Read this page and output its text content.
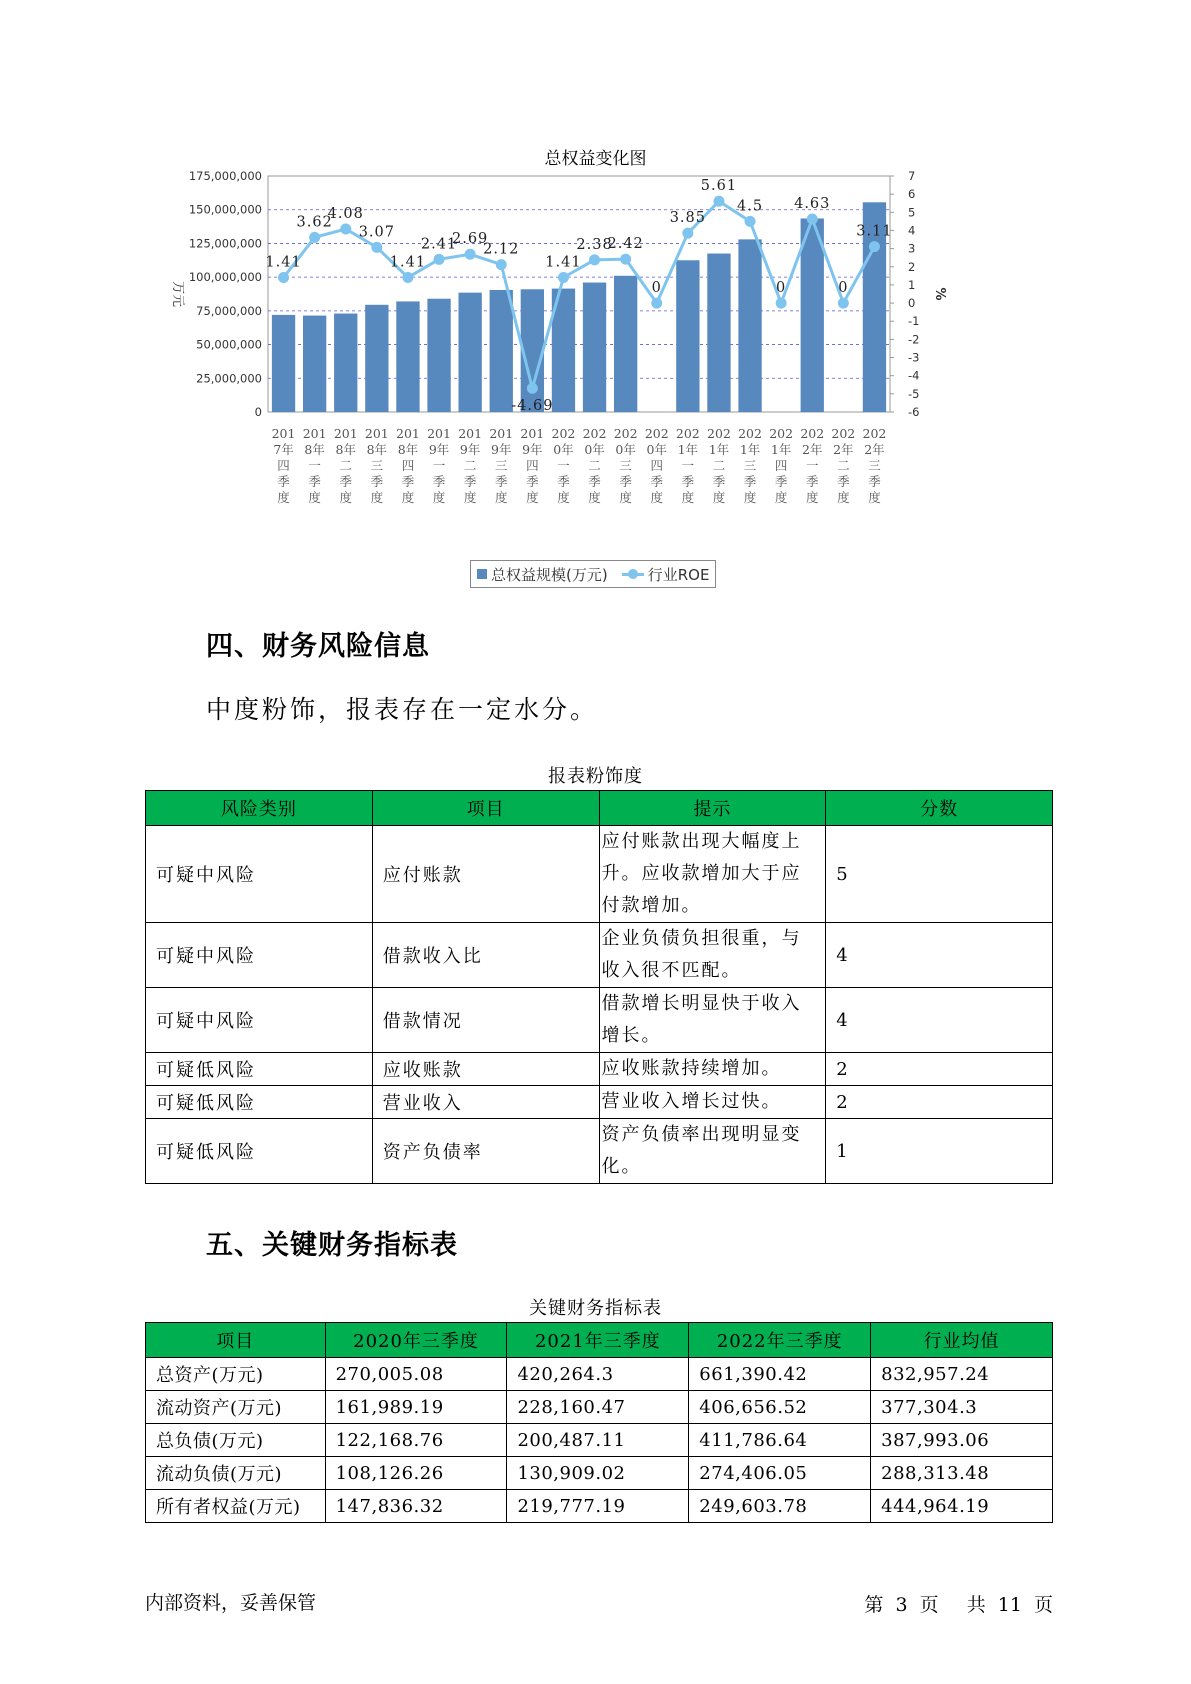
总权益变化图
175,000,000
150,000,000
125,000,000
100,000,000
75,000,000
50,000,000
25,000,000
0
7
6
5
4
3
2
1
0
-1
-2
-3
-4
-5
-6
万元	%
201
7年
四
季
度
201
8年
一
季
度
201
8年
二
季
度
201
8年
三
季
度
201
8年
四
季
度
201
9年
一
季
度
201
9年
二
季
度
201
9年
三
季
度
201
9年
四
季
度
202
0年
一
季
度
202
0年
二
季
度
202
0年
三
季
度
202
0年
四
季
度
202
1年
一
季
度
202
1年
二
季
度
202
1年
三
季
度
202
1年
四
季
度
202
2年
一
季
度
202
2年
二
季
度
202
2年
三
季
度
1.41
3.62
4.08
3.07
1.41
2.41
2.69
2.12
-4.69
1.41
2.38
2.42
0
3.85
5.61
4.5
0
4.63
0
3.11
总权益规模(万元)	行业ROE
四、财务风险信息
中度粉饰，报表存在一定水分。
报表粉饰度
风险类别	项目	提示	分数
可疑中风险	应付账款	应付账款出现大幅度上升。应收款增加大于应付款增加。	5
可疑中风险	借款收入比	企业负债负担很重，与收入很不匹配。	4
可疑中风险	借款情况	借款增长明显快于收入增长。	4
可疑低风险	应收账款	应收账款持续增加。	2
可疑低风险	营业收入	营业收入增长过快。	2
可疑低风险	资产负债率	资产负债率出现明显变化。	1
五、关键财务指标表
关键财务指标表
项目	2020年三季度	2021年三季度	2022年三季度	行业均值
总资产(万元)	270,005.08	420,264.3	661,390.42	832,957.24
流动资产(万元)	161,989.19	228,160.47	406,656.52	377,304.3
总负债(万元)	122,168.76	200,487.11	411,786.64	387,993.06
流动负债(万元)	108,126.26	130,909.02	274,406.05	288,313.48
所有者权益(万元)	147,836.32	219,777.19	249,603.78	444,964.19
内部资料，妥善保管	第 3 页 共 11 页
